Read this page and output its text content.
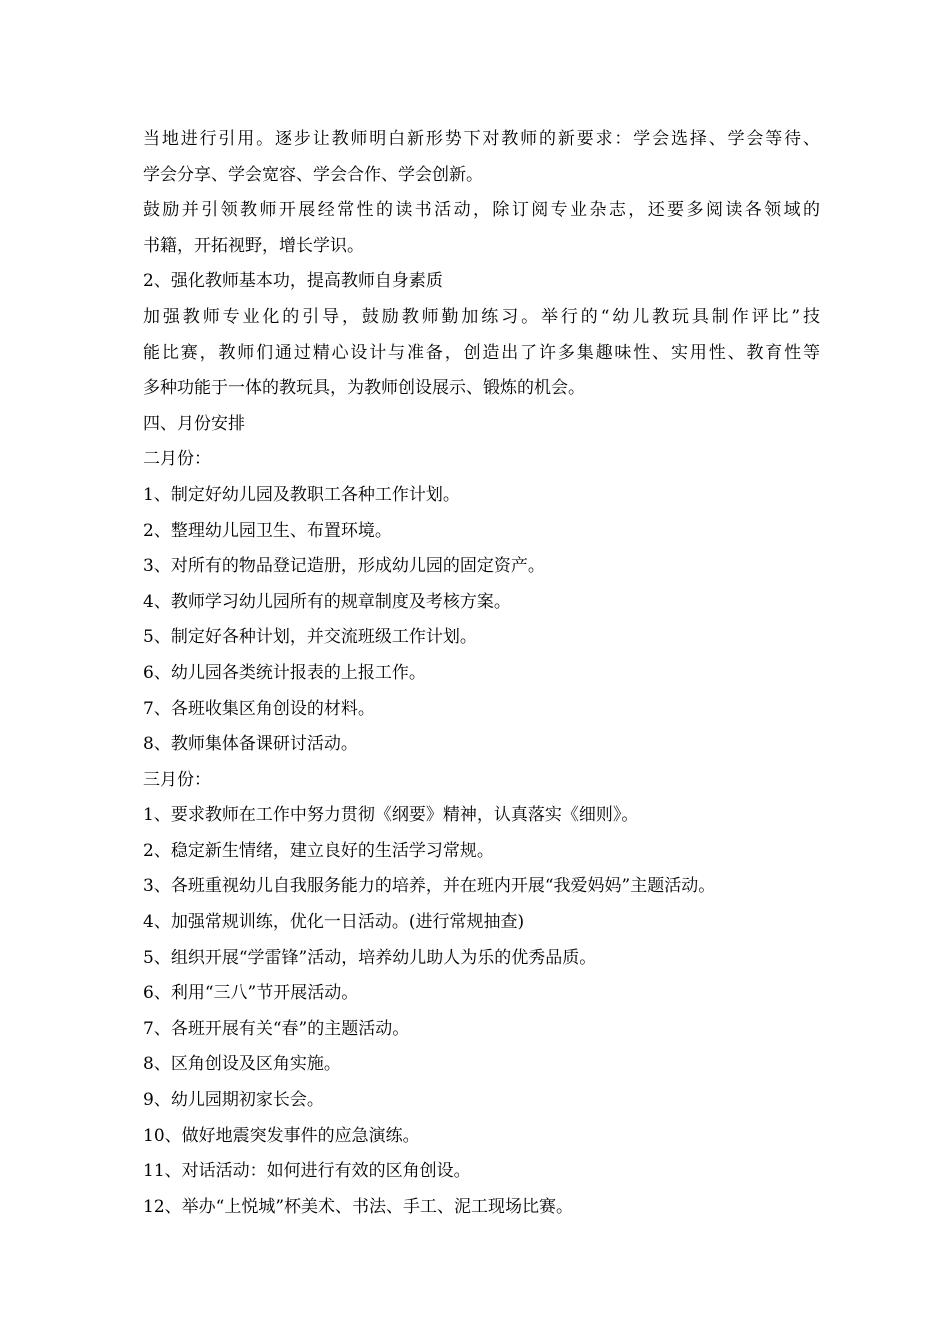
当地进行引用。逐步让教师明白新形势下对教师的新要求：学会选择、学会等待、
学会分享、学会宽容、学会合作、学会创新。
鼓励并引领教师开展经常性的读书活动，除订阅专业杂志，还要多阅读各领域的
书籍，开拓视野，增长学识。
2、强化教师基本功，提高教师自身素质
加强教师专业化的引导，鼓励教师勤加练习。举行的“幼儿教玩具制作评比”技
能比赛，教师们通过精心设计与准备，创造出了许多集趣味性、实用性、教育性等
多种功能于一体的教玩具，为教师创设展示、锻炼的机会。
四、月份安排
二月份：
1、制定好幼儿园及教职工各种工作计划。
2、整理幼儿园卫生、布置环境。
3、对所有的物品登记造册，形成幼儿园的固定资产。
4、教师学习幼儿园所有的规章制度及考核方案。
5、制定好各种计划，并交流班级工作计划。
6、幼儿园各类统计报表的上报工作。
7、各班收集区角创设的材料。
8、教师集体备课研讨活动。
三月份：
1、要求教师在工作中努力贯彻《纲要》精神，认真落实《细则》。
2、稳定新生情绪，建立良好的生活学习常规。
3、各班重视幼儿自我服务能力的培养，并在班内开展“我爱妈妈”主题活动。
4、加强常规训练，优化一日活动。(进行常规抽查)
5、组织开展“学雷锋”活动，培养幼儿助人为乐的优秀品质。
6、利用“三八”节开展活动。
7、各班开展有关“春”的主题活动。
8、区角创设及区角实施。
9、幼儿园期初家长会。
10、做好地震突发事件的应急演练。
11、对话活动：如何进行有效的区角创设。
12、举办“上悦城”杯美术、书法、手工、泥工现场比赛。
